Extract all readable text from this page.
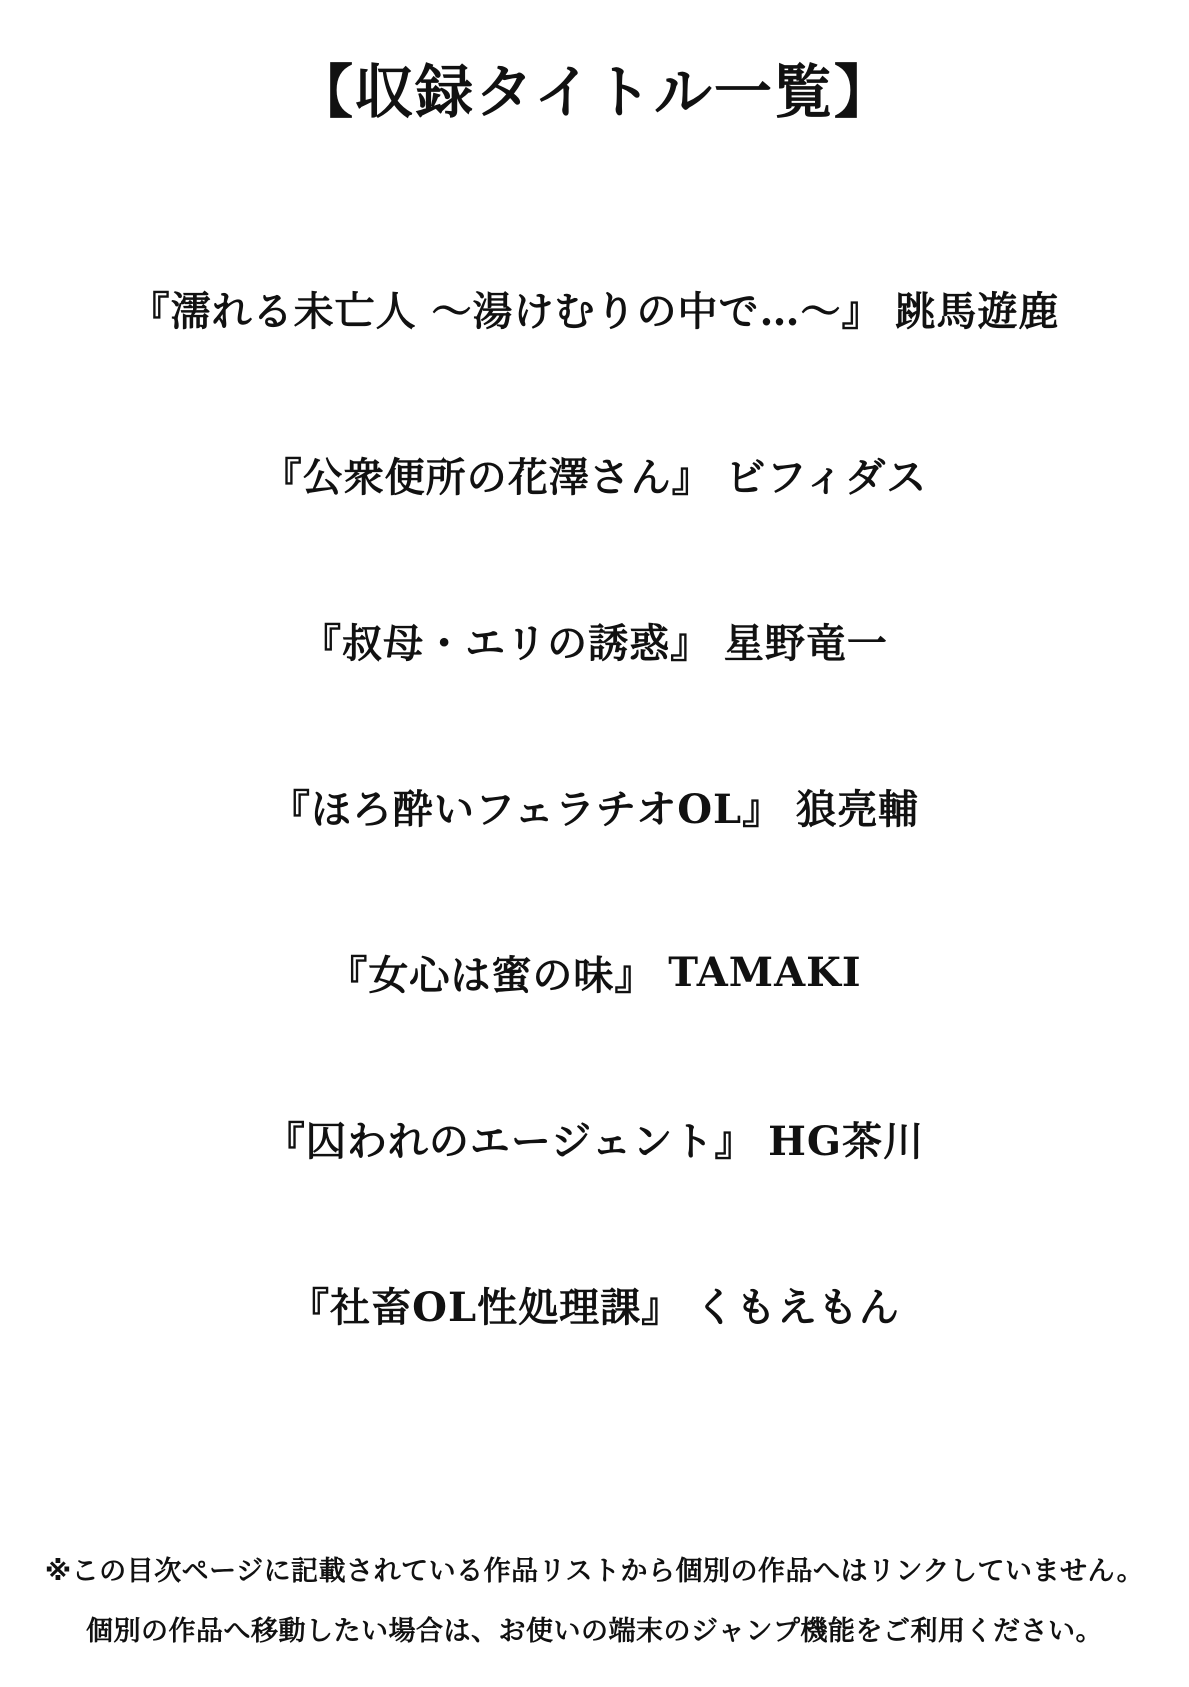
【収録タイトル一覧】
『濡れる未亡人 ～湯けむりの中で…～』 跳馬遊鹿
『公衆便所の花澤さん』 ビフィダス
『叔母・エリの誘惑』 星野竜一
『ほろ酔いフェラチオOL』 狼亮輔
『女心は蜜の味』 TAMAKI
『囚われのエージェント』 HG茶川
『社畜OL性処理課』 くもえもん

※この目次ページに記載されている作品リストから個別の作品へはリンクしていません。

個別の作品へ移動したい場合は、お使いの端末のジャンプ機能をご利用ください。
